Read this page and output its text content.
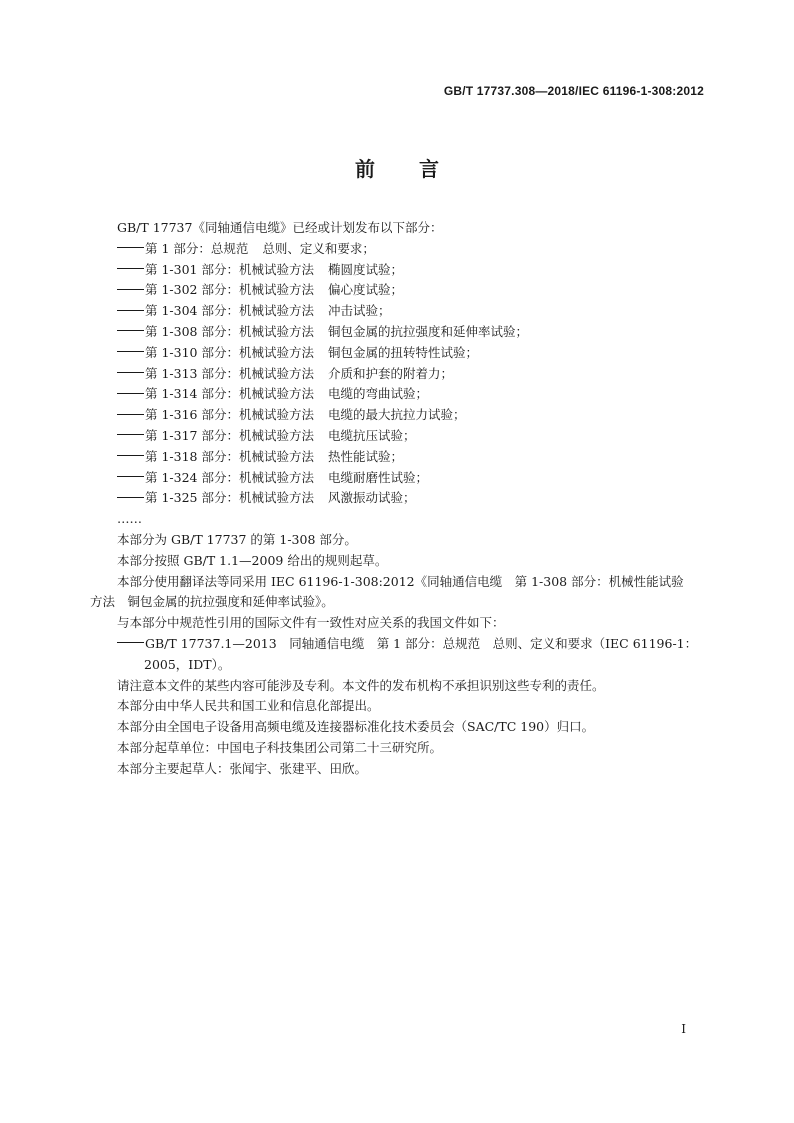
GB/T 17737.308—2018/IEC 61196-1-308:2012
前言
GB/T 17737《同轴通信电缆》已经或计划发布以下部分：
第 1 部分：总规范 总则、定义和要求；
第 1-301 部分：机械试验方法 椭圆度试验；
第 1-302 部分：机械试验方法 偏心度试验；
第 1-304 部分：机械试验方法 冲击试验；
第 1-308 部分：机械试验方法 铜包金属的抗拉强度和延伸率试验；
第 1-310 部分：机械试验方法 铜包金属的扭转特性试验；
第 1-313 部分：机械试验方法 介质和护套的附着力；
第 1-314 部分：机械试验方法 电缆的弯曲试验；
第 1-316 部分：机械试验方法 电缆的最大抗拉力试验；
第 1-317 部分：机械试验方法 电缆抗压试验；
第 1-318 部分：机械试验方法 热性能试验；
第 1-324 部分：机械试验方法 电缆耐磨性试验；
第 1-325 部分：机械试验方法 风激振动试验；
……
本部分为 GB/T 17737 的第 1-308 部分。
本部分按照 GB/T 1.1—2009 给出的规则起草。
本部分使用翻译法等同采用 IEC 61196-1-308:2012《同轴通信电缆　第 1-308 部分：机械性能试验
方法　铜包金属的抗拉强度和延伸率试验》。
与本部分中规范性引用的国际文件有一致性对应关系的我国文件如下：
GB/T 17737.1—2013　同轴通信电缆　第 1 部分：总规范　总则、定义和要求（IEC 61196-1：
2005，IDT）。
请注意本文件的某些内容可能涉及专利。本文件的发布机构不承担识别这些专利的责任。
本部分由中华人民共和国工业和信息化部提出。
本部分由全国电子设备用高频电缆及连接器标准化技术委员会（SAC/TC 190）归口。
本部分起草单位：中国电子科技集团公司第二十三研究所。
本部分主要起草人：张闻宇、张建平、田欣。
I
